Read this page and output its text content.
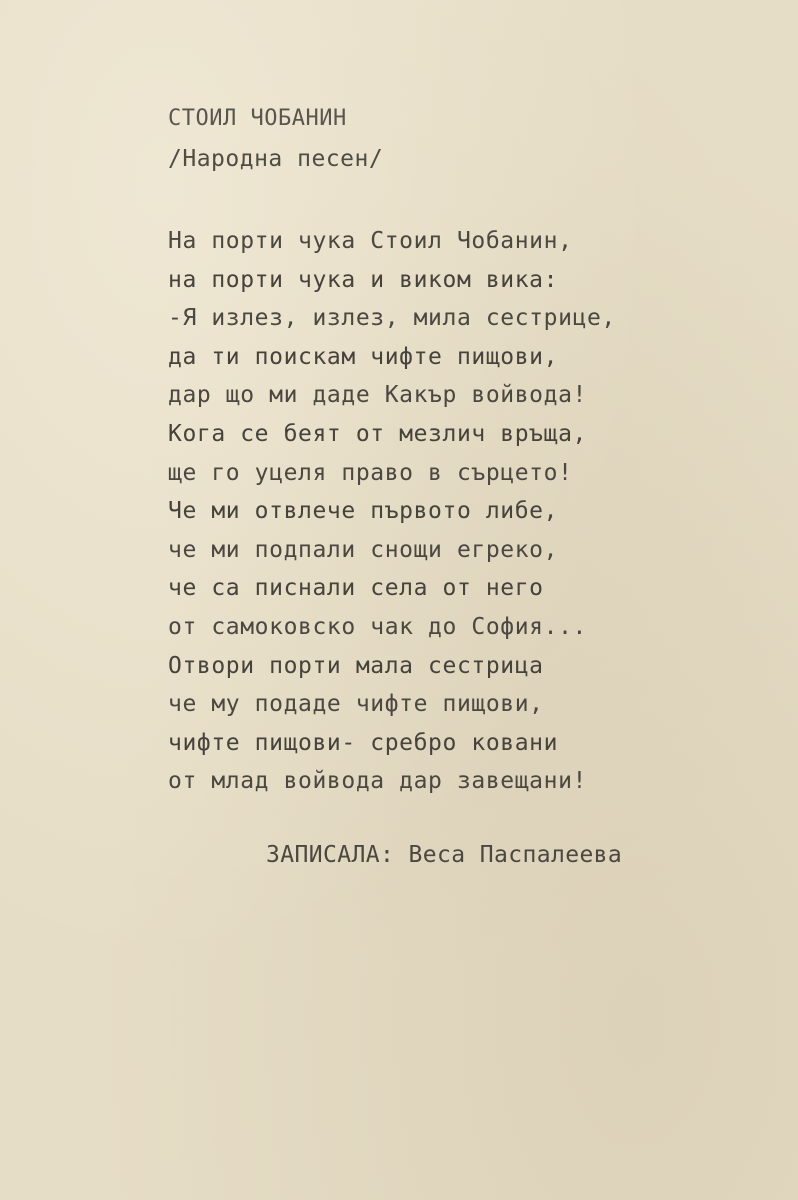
СТОИЛ ЧОБАНИН
/Народна песен/
На порти чука Стоил Чобанин,
на порти чука и виком вика:
-Я излез, излез, мила сестрице,
да ти поискам чифте пищови,
дар що ми даде Какър войвода!
Кога се беят от мезлич връща,
ще го уцеля право в сърцето!
Че ми отвлече първото либе,
че ми подпали снощи егреко,
че са писнали села от него
от самоковско чак до София...
Отвори порти мала сестрица
че му подаде чифте пищови,
чифте пищови- сребро ковани
от млад войвода дар завещани!
ЗАПИСАЛА: Веса Паспалеева
